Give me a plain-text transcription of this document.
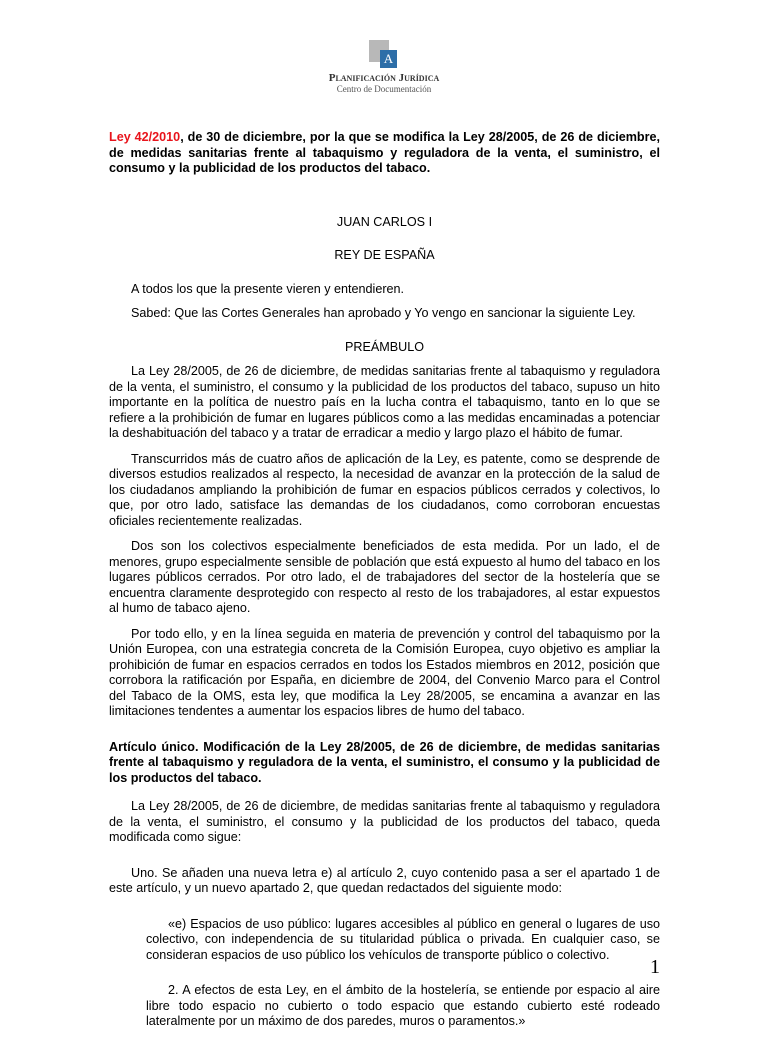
A
Planificación Jurídica
Centro de Documentación

Ley 42/2010, de 30 de diciembre, por la que se modifica la Ley 28/2005, de 26 de diciembre, de medidas sanitarias frente al tabaquismo y reguladora de la venta, el suministro, el consumo y la publicidad de los productos del tabaco.

JUAN CARLOS I

REY DE ESPAÑA

A todos los que la presente vieren y entendieren.

Sabed: Que las Cortes Generales han aprobado y Yo vengo en sancionar la siguiente Ley.

PREÁMBULO

La Ley 28/2005, de 26 de diciembre, de medidas sanitarias frente al tabaquismo y reguladora de la venta, el suministro, el consumo y la publicidad de los productos del tabaco, supuso un hito importante en la política de nuestro país en la lucha contra el tabaquismo, tanto en lo que se refiere a la prohibición de fumar en lugares públicos como a las medidas encaminadas a potenciar la deshabituación del tabaco y a tratar de erradicar a medio y largo plazo el hábito de fumar.

Transcurridos más de cuatro años de aplicación de la Ley, es patente, como se desprende de diversos estudios realizados al respecto, la necesidad de avanzar en la protección de la salud de los ciudadanos ampliando la prohibición de fumar en espacios públicos cerrados y colectivos, lo que, por otro lado, satisface las demandas de los ciudadanos, como corroboran encuestas oficiales recientemente realizadas.

Dos son los colectivos especialmente beneficiados de esta medida. Por un lado, el de menores, grupo especialmente sensible de población que está expuesto al humo del tabaco en los lugares públicos cerrados. Por otro lado, el de trabajadores del sector de la hostelería que se encuentra claramente desprotegido con respecto al resto de los trabajadores, al estar expuestos al humo de tabaco ajeno.

Por todo ello, y en la línea seguida en materia de prevención y control del tabaquismo por la Unión Europea, con una estrategia concreta de la Comisión Europea, cuyo objetivo es ampliar la prohibición de fumar en espacios cerrados en todos los Estados miembros en 2012, posición que corrobora la ratificación por España, en diciembre de 2004, del Convenio Marco para el Control del Tabaco de la OMS, esta ley, que modifica la Ley 28/2005, se encamina a avanzar en las limitaciones tendentes a aumentar los espacios libres de humo del tabaco.

Artículo único. Modificación de la Ley 28/2005, de 26 de diciembre, de medidas sanitarias frente al tabaquismo y reguladora de la venta, el suministro, el consumo y la publicidad de los productos del tabaco.

La Ley 28/2005, de 26 de diciembre, de medidas sanitarias frente al tabaquismo y reguladora de la venta, el suministro, el consumo y la publicidad de los productos del tabaco, queda modificada como sigue:

Uno. Se añaden una nueva letra e) al artículo 2, cuyo contenido pasa a ser el apartado 1 de este artículo, y un nuevo apartado 2, que quedan redactados del siguiente modo:

«e) Espacios de uso público: lugares accesibles al público en general o lugares de uso colectivo, con independencia de su titularidad pública o privada. En cualquier caso, se consideran espacios de uso público los vehículos de transporte público o colectivo.

2. A efectos de esta Ley, en el ámbito de la hostelería, se entiende por espacio al aire libre todo espacio no cubierto o todo espacio que estando cubierto esté rodeado lateralmente por un máximo de dos paredes, muros o paramentos.»

1
